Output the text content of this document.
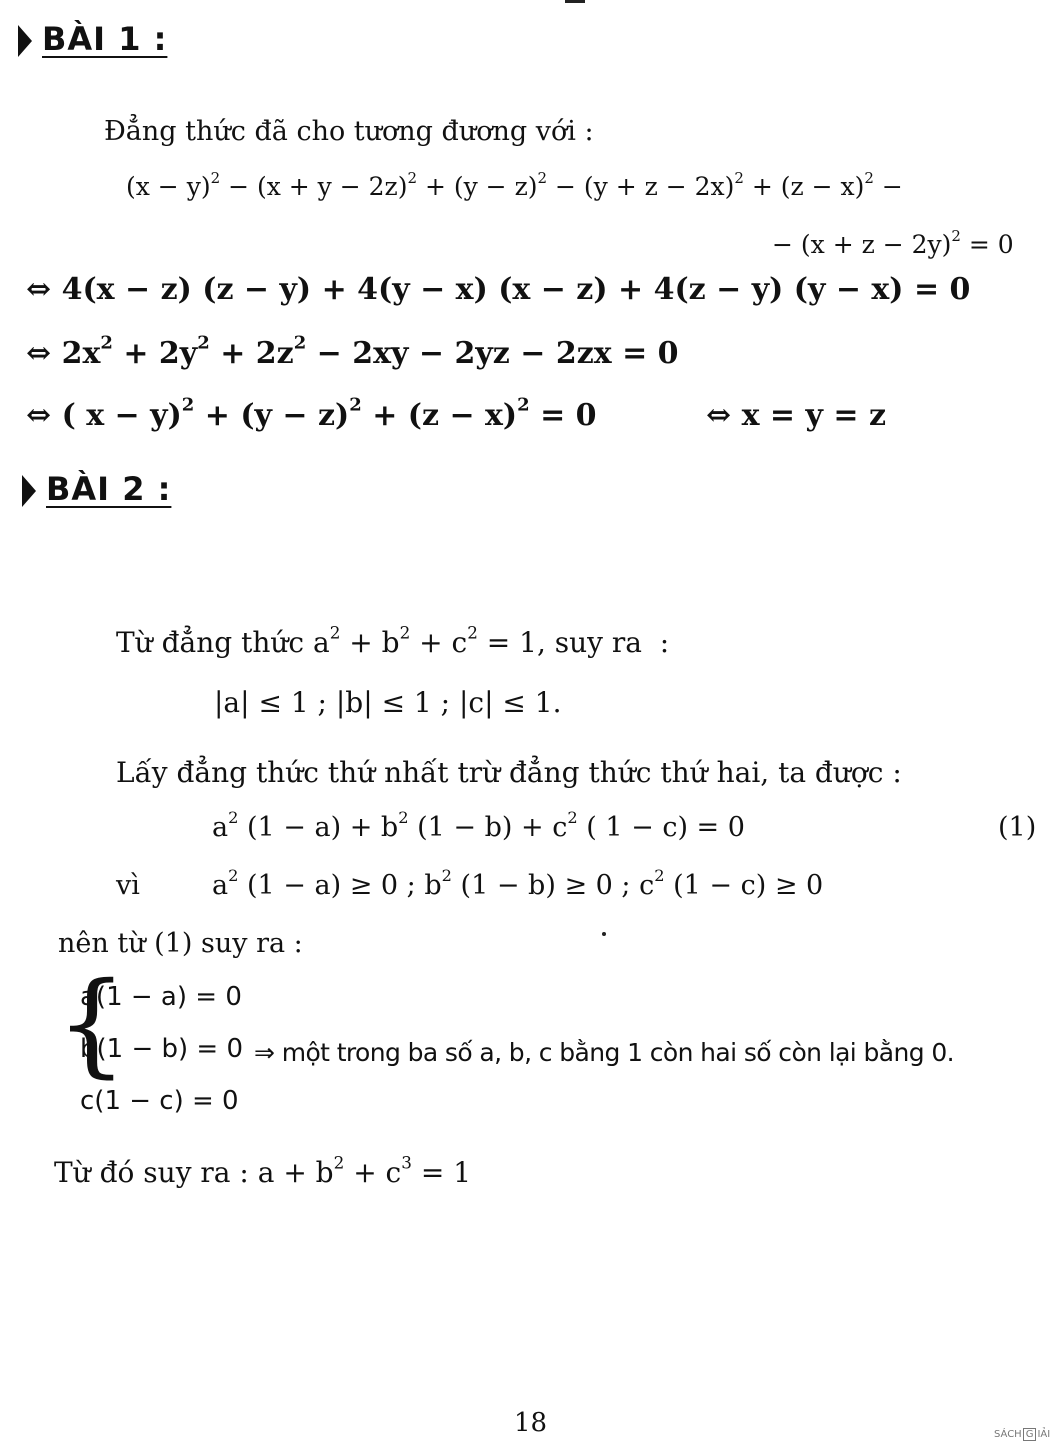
BÀI 1 :
Đẳng thức đã cho tương đương với :
$(x - y)^2 - (x + y - 2z)^2 + (y - z)^2 - (y + z - 2x)^2 + (z - x)^2$ −
− $(x + z - 2y)^2 = 0$
⇔ 4(x − z) (z − y) + 4(y − x) (x − z) + 4(z − y) (y − x) = 0
⇔ $2x^2 + 2y^2 + 2z^2 - 2xy - 2yz - 2zx = 0$
⇔ ( $x - y)^2 + (y - z)^2 + (z - x)^2 = 0$	⇔ x = y = z
BÀI 2 :
Từ đẳng thức $a^2 + b^2 + c^2 = 1$, suy ra  :
|a| ≤ 1 ; |b| ≤ 1 ; |c| ≤ 1.
Lấy đẳng thức thứ nhất trừ đẳng thức thứ hai, ta được :
$a^2$ $(1 - a) + b^2$ $(1 - b) + c^2$ ( 1 − c) = 0	(1)
vì	$a^2$ (1 − a) ≥ 0 ; $b^2$ (1 − b) ≥ 0 ; $c^2$ (1 − c) ≥ 0
nên từ (1) suy ra :
{
a(1 − a) = 0
b(1 − b) = 0
c(1 − c) = 0
⇒ một trong ba số a, b, c bằng 1 còn hai số còn lại bằng 0.
Từ đó suy ra : $a + b^2 + c^3 = 1$
18	SÁCH G IẢI
